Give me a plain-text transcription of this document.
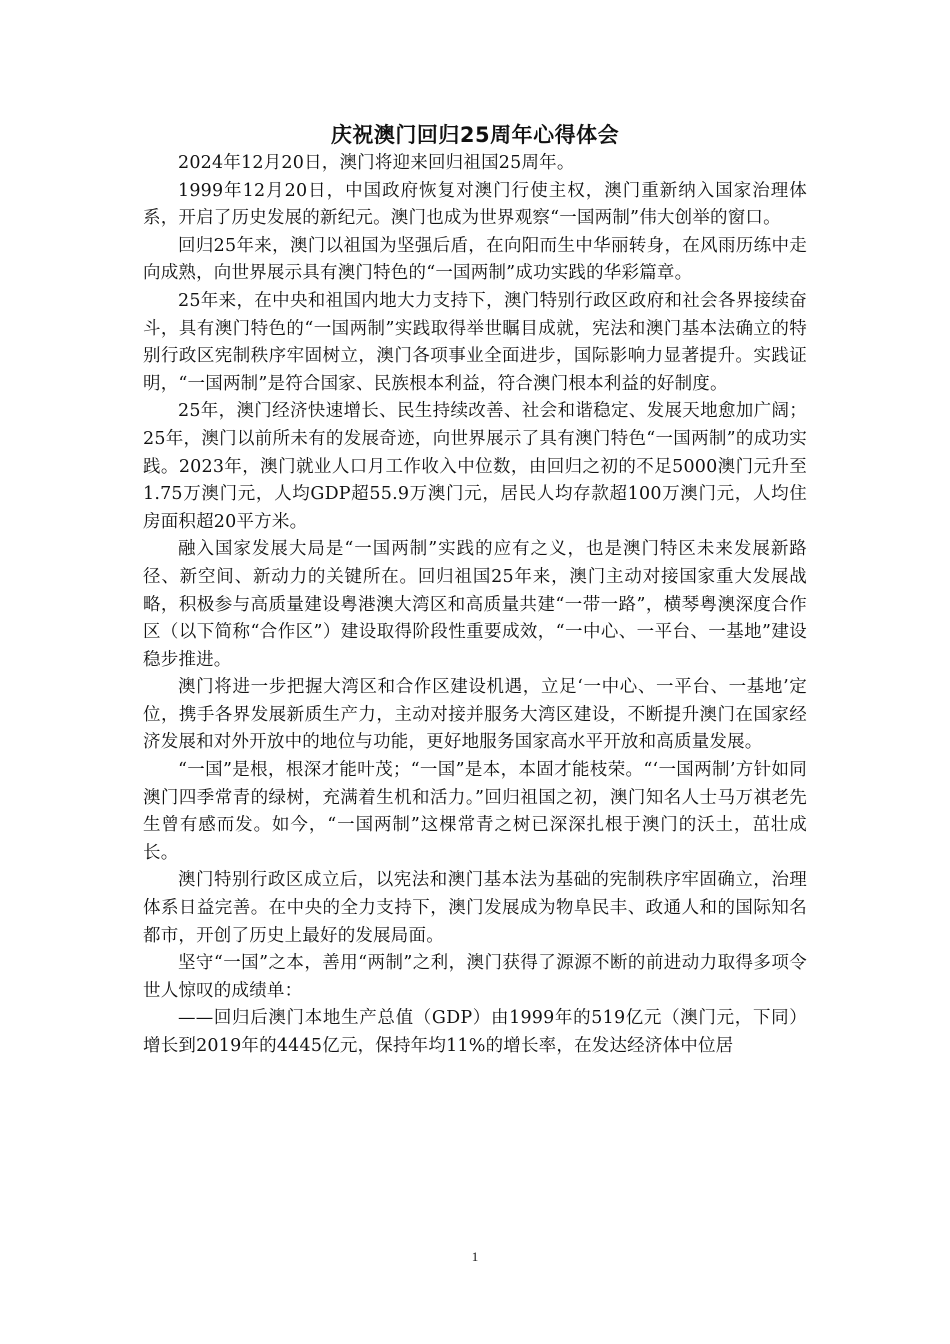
庆祝澳门回归25周年心得体会

2024年12月20日，澳门将迎来回归祖国25周年。

1999年12月20日，中国政府恢复对澳门行使主权，澳门重新纳入国家治理体系，开启了历史发展的新纪元。澳门也成为世界观察“一国两制”伟大创举的窗口。

回归25年来，澳门以祖国为坚强后盾，在向阳而生中华丽转身，在风雨历练中走向成熟，向世界展示具有澳门特色的“一国两制”成功实践的华彩篇章。

25年来，在中央和祖国内地大力支持下，澳门特别行政区政府和社会各界接续奋斗，具有澳门特色的“一国两制”实践取得举世瞩目成就，宪法和澳门基本法确立的特别行政区宪制秩序牢固树立，澳门各项事业全面进步，国际影响力显著提升。实践证明，“一国两制”是符合国家、民族根本利益，符合澳门根本利益的好制度。

25年，澳门经济快速增长、民生持续改善、社会和谐稳定、发展天地愈加广阔；25年，澳门以前所未有的发展奇迹，向世界展示了具有澳门特色“一国两制”的成功实践。2023年，澳门就业人口月工作收入中位数，由回归之初的不足5000澳门元升至1.75万澳门元，人均GDP超55.9万澳门元，居民人均存款超100万澳门元，人均住房面积超20平方米。

融入国家发展大局是“一国两制”实践的应有之义，也是澳门特区未来发展新路径、新空间、新动力的关键所在。回归祖国25年来，澳门主动对接国家重大发展战略，积极参与高质量建设粤港澳大湾区和高质量共建“一带一路”，横琴粤澳深度合作区（以下简称“合作区”）建设取得阶段性重要成效，“一中心、一平台、一基地”建设稳步推进。

澳门将进一步把握大湾区和合作区建设机遇，立足‘一中心、一平台、一基地’定位，携手各界发展新质生产力，主动对接并服务大湾区建设，不断提升澳门在国家经济发展和对外开放中的地位与功能，更好地服务国家高水平开放和高质量发展。

“一国”是根，根深才能叶茂；“一国”是本，本固才能枝荣。“‘一国两制’方针如同澳门四季常青的绿树，充满着生机和活力。”回归祖国之初，澳门知名人士马万祺老先生曾有感而发。如今，“一国两制”这棵常青之树已深深扎根于澳门的沃土，茁壮成长。

澳门特别行政区成立后，以宪法和澳门基本法为基础的宪制秩序牢固确立，治理体系日益完善。在中央的全力支持下，澳门发展成为物阜民丰、政通人和的国际知名都市，开创了历史上最好的发展局面。

坚守“一国”之本，善用“两制”之利，澳门获得了源源不断的前进动力取得多项令世人惊叹的成绩单：

——回归后澳门本地生产总值（GDP）由1999年的519亿元（澳门元，下同）增长到2019年的4445亿元，保持年均11%的增长率，在发达经济体中位居

1
